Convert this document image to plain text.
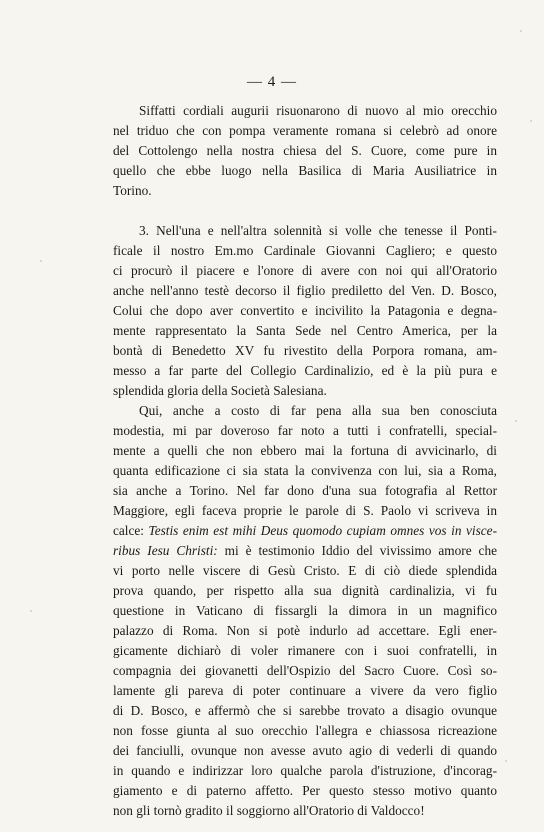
— 4 —
Siffatti cordiali augurii risuonarono di nuovo al mio orecchio
nel triduo che con pompa veramente romana si celebrò ad onore
del Cottolengo nella nostra chiesa del S. Cuore, come pure in
quello che ebbe luogo nella Basilica di Maria Ausiliatrice in
Torino.
3. Nell'una e nell'altra solennità si volle che tenesse il Ponti-
ficale il nostro Em.mo Cardinale Giovanni Cagliero; e questo
ci procurò il piacere e l'onore di avere con noi qui all'Oratorio
anche nell'anno testè decorso il figlio prediletto del Ven. D. Bosco,
Colui che dopo aver convertito e incivilito la Patagonia e degna-
mente rappresentato la Santa Sede nel Centro America, per la
bontà di Benedetto XV fu rivestito della Porpora romana, am-
messo a far parte del Collegio Cardinalizio, ed è la più pura e
splendida gloria della Società Salesiana.
Qui, anche a costo di far pena alla sua ben conosciuta
modestia, mi par doveroso far noto a tutti i confratelli, special-
mente a quelli che non ebbero mai la fortuna di avvicinarlo, di
quanta edificazione ci sia stata la convivenza con lui, sia a Roma,
sia anche a Torino. Nel far dono d'una sua fotografia al Rettor
Maggiore, egli faceva proprie le parole di S. Paolo vi scriveva in
calce: Testis enim est mihi Deus quomodo cupiam omnes vos in visce-
ribus Iesu Christi: mi è testimonio Iddio del vivissimo amore che
vi porto nelle viscere di Gesù Cristo. E di ciò diede splendida
prova quando, per rispetto alla sua dignità cardinalizia, vi fu
questione in Vaticano di fissargli la dimora in un magnifico
palazzo di Roma. Non si potè indurlo ad accettare. Egli ener-
gicamente dichiarò di voler rimanere con i suoi confratelli, in
compagnia dei giovanetti dell'Ospizio del Sacro Cuore. Così so-
lamente gli pareva di poter continuare a vivere da vero figlio
di D. Bosco, e affermò che si sarebbe trovato a disagio ovunque
non fosse giunta al suo orecchio l'allegra e chiassosa ricreazione
dei fanciulli, ovunque non avesse avuto agio di vederli di quando
in quando e indirizzar loro qualche parola d'istruzione, d'incorag-
giamento e di paterno affetto. Per questo stesso motivo quanto
non gli tornò gradito il soggiorno all'Oratorio di Valdocco!
